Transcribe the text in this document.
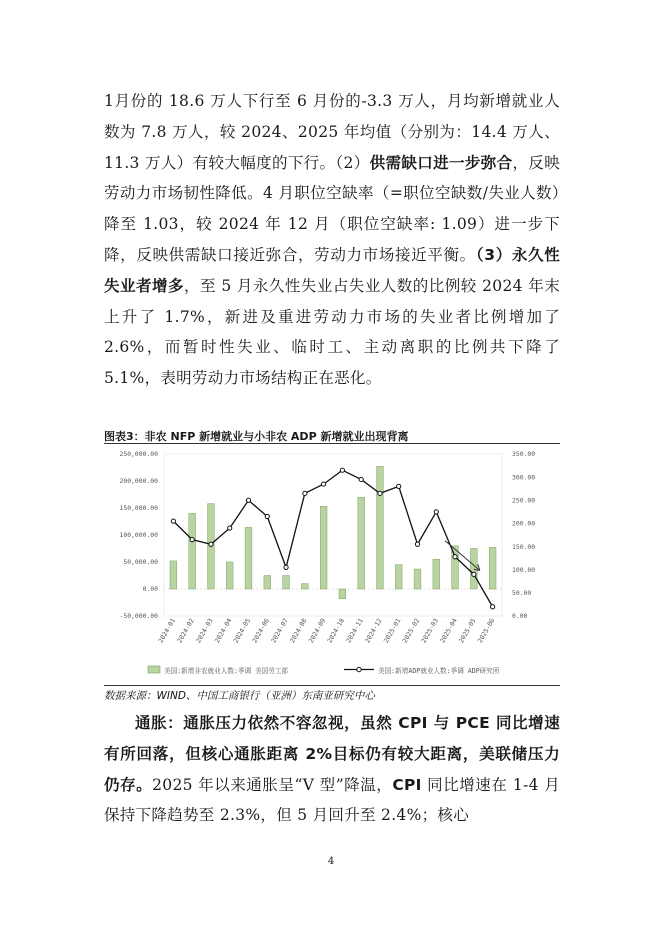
1月份的 18.6 万人下行至 6 月份的-3.3 万人，月均新增就业人数为 7.8 万人，较 2024、2025 年均值（分别为：14.4 万人、11.3 万人）有较大幅度的下行。（2）供需缺口进一步弥合，反映劳动力市场韧性降低。4 月职位空缺率（=职位空缺数/失业人数）降至 1.03，较 2024 年 12 月（职位空缺率: 1.09）进一步下降，反映供需缺口接近弥合，劳动力市场接近平衡。（3）永久性失业者增多，至 5 月永久性失业占失业人数的比例较 2024 年末上升了 1.7%，新进及重进劳动力市场的失业者比例增加了 2.6%，而暂时性失业、临时工、主动离职的比例共下降了 5.1%，表明劳动力市场结构正在恶化。
图表3：非农 NFP 新增就业与小非农 ADP 新增就业出现背离
250,000.00
200,000.00
150,000.00
100,000.00
50,000.00
0.00
-50,000.00
350.00
300.00
250.00
200.00
150.00
100.00
50.00
0.00
2024-01
2024-02
2024-03
2024-04
2024-05
2024-06
2024-07
2024-08
2024-09
2024-10
2024-11
2024-12
2025-01
2025-02
2025-03
2025-04
2025-05
2025-06
美国:新增非农就业人数:季调 美国劳工部	美国:新增ADP就业人数:季调 ADP研究所
数据来源：WIND、中国工商银行（亚洲）东南亚研究中心
通胀：通胀压力依然不容忽视，虽然 CPI 与 PCE 同比增速有所回落，但核心通胀距离 2%目标仍有较大距离，美联储压力仍存。2025 年以来通胀呈“V 型”降温，CPI 同比增速在 1-4 月保持下降趋势至 2.3%，但 5 月回升至 2.4%；核心
4
